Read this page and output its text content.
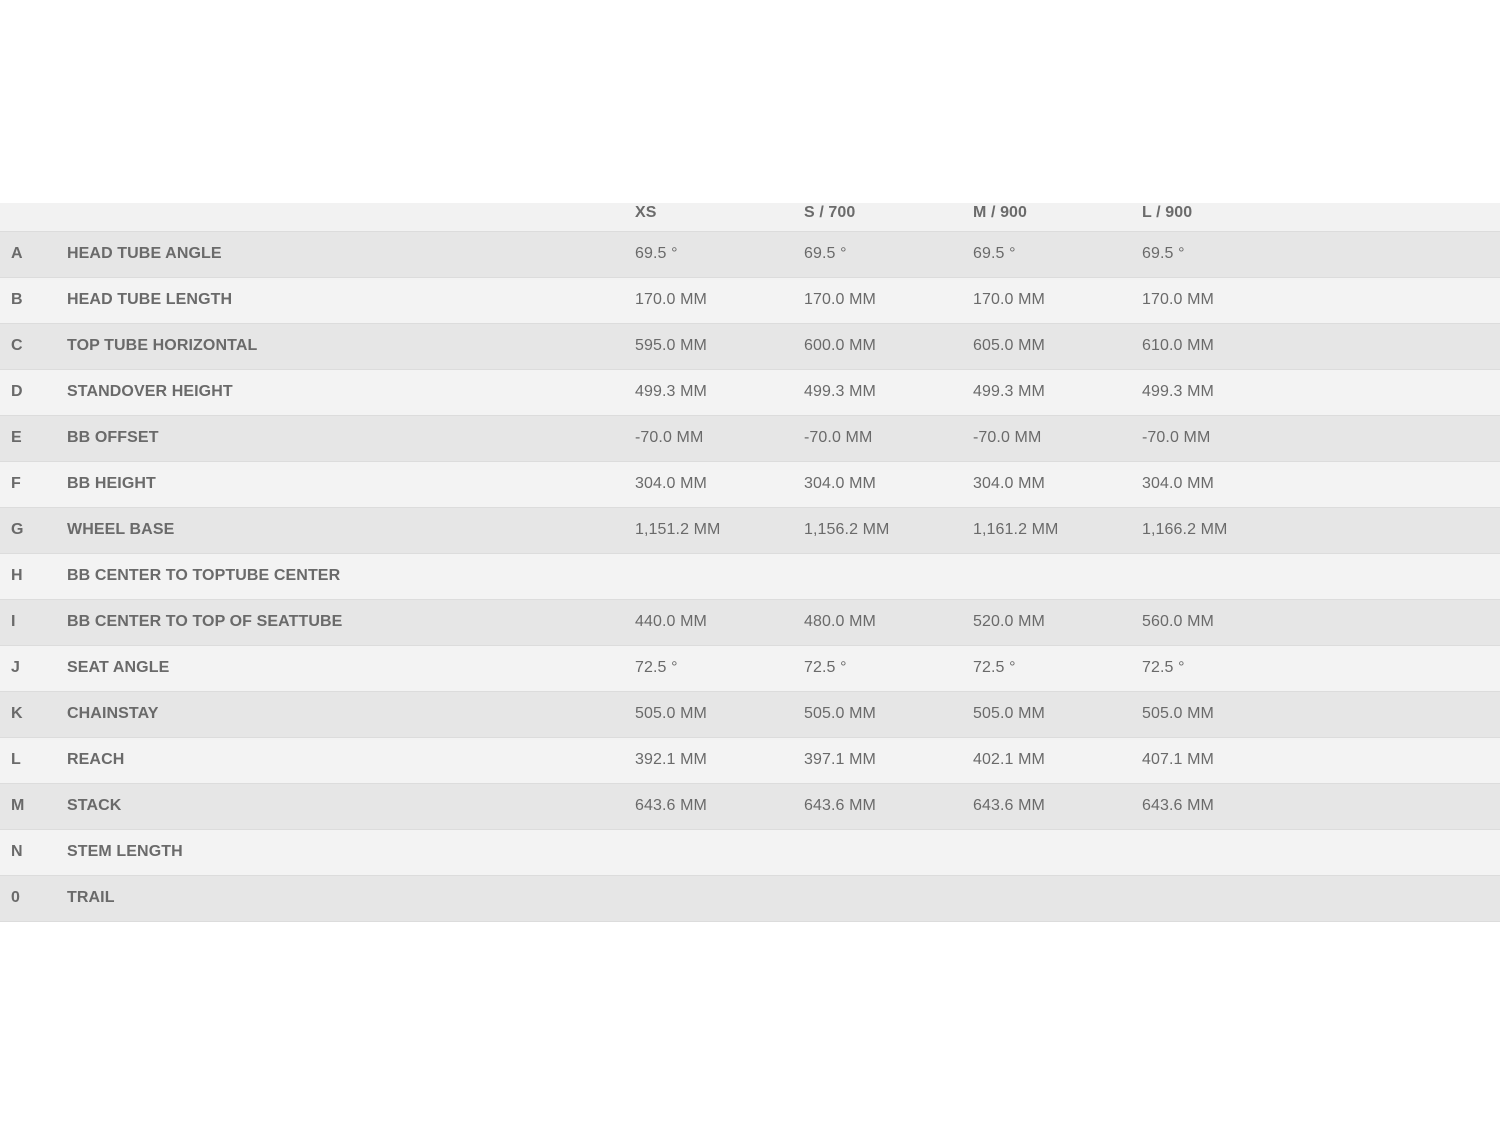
		XS	S / 700	M / 900	L / 900
A	HEAD TUBE ANGLE	69.5 °	69.5 °	69.5 °	69.5 °
B	HEAD TUBE LENGTH	170.0 MM	170.0 MM	170.0 MM	170.0 MM
C	TOP TUBE HORIZONTAL	595.0 MM	600.0 MM	605.0 MM	610.0 MM
D	STANDOVER HEIGHT	499.3 MM	499.3 MM	499.3 MM	499.3 MM
E	BB OFFSET	-70.0 MM	-70.0 MM	-70.0 MM	-70.0 MM
F	BB HEIGHT	304.0 MM	304.0 MM	304.0 MM	304.0 MM
G	WHEEL BASE	1,151.2 MM	1,156.2 MM	1,161.2 MM	1,166.2 MM
H	BB CENTER TO TOPTUBE CENTER				
I	BB CENTER TO TOP OF SEATTUBE	440.0 MM	480.0 MM	520.0 MM	560.0 MM
J	SEAT ANGLE	72.5 °	72.5 °	72.5 °	72.5 °
K	CHAINSTAY	505.0 MM	505.0 MM	505.0 MM	505.0 MM
L	REACH	392.1 MM	397.1 MM	402.1 MM	407.1 MM
M	STACK	643.6 MM	643.6 MM	643.6 MM	643.6 MM
N	STEM LENGTH				
0	TRAIL				
